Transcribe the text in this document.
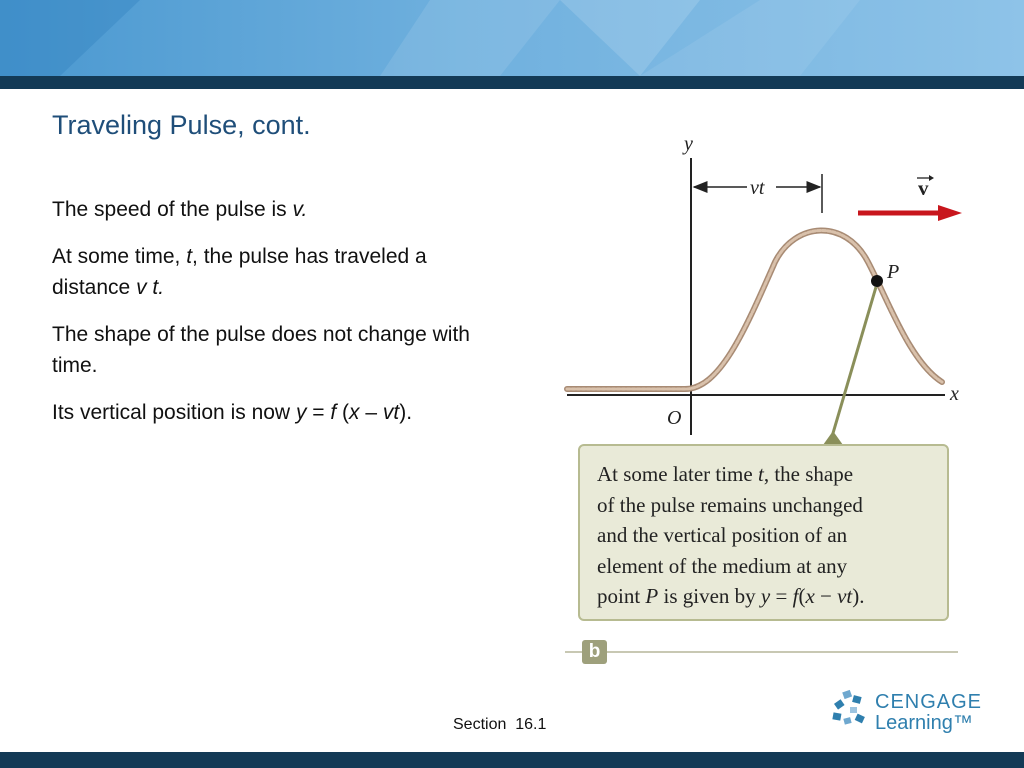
Traveling Pulse, cont.

The speed of the pulse is v.

At some time, t, the pulse has traveled a distance v t.

The shape of the pulse does not change with time.

Its vertical position is now y = f (x – vt).

y
x
O
vt	v
P
At some later time t, the shape
of the pulse remains unchanged
and the vertical position of an
element of the medium at any
point P is given by y = f(x − vt).
b
Section  16.1
CENGAGE
Learning™
